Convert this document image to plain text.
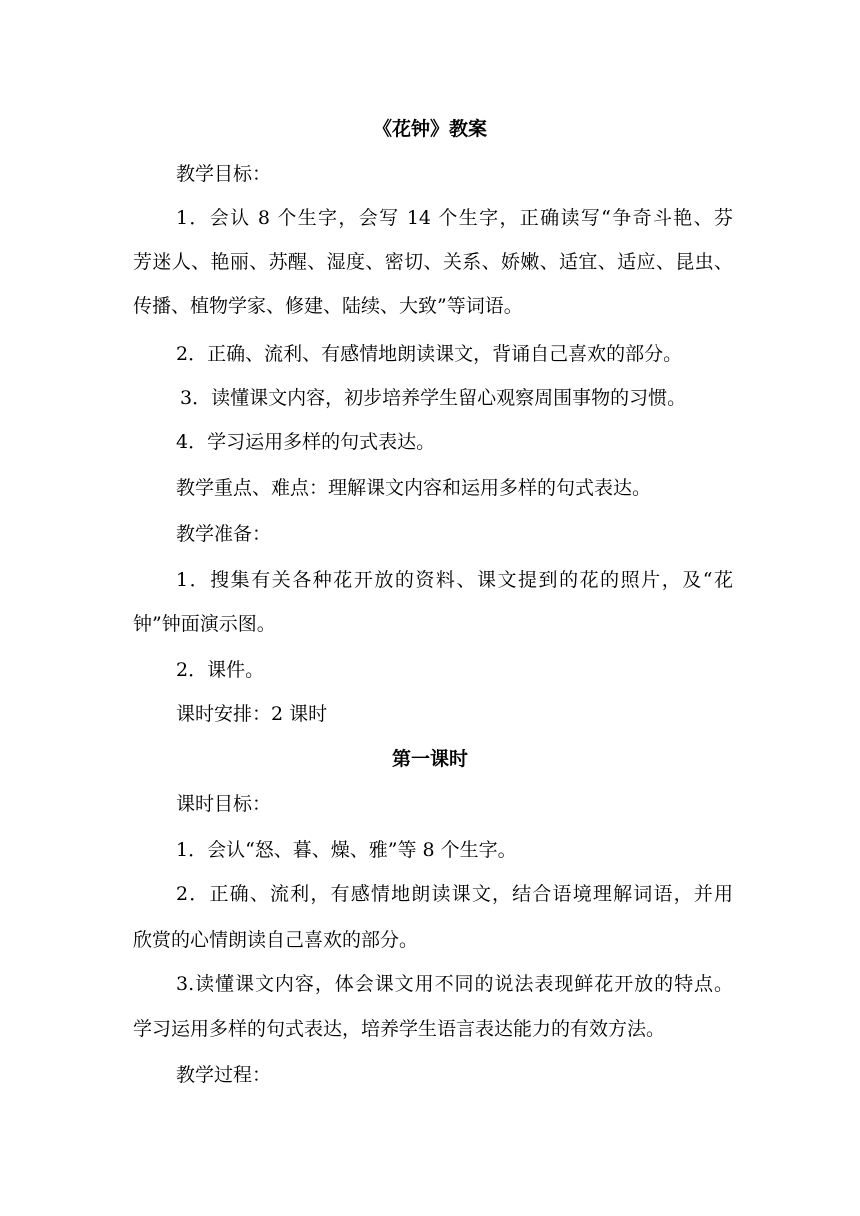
《花钟》教案
教学目标：
1．会认 8 个生字，会写 14 个生字，正确读写“争奇斗艳、芬
芳迷人、艳丽、苏醒、湿度、密切、关系、娇嫩、适宜、适应、昆虫、
传播、植物学家、修建、陆续、大致”等词语。
2．正确、流利、有感情地朗读课文，背诵自己喜欢的部分。
3．读懂课文内容，初步培养学生留心观察周围事物的习惯。
4．学习运用多样的句式表达。
教学重点、难点：理解课文内容和运用多样的句式表达。
教学准备：
1．搜集有关各种花开放的资料、课文提到的花的照片，及“花
钟”钟面演示图。
2．课件。
课时安排：2 课时
第一课时
课时目标：
1．会认“怒、暮、燥、雅”等 8 个生字。
2．正确、流利，有感情地朗读课文，结合语境理解词语，并用
欣赏的心情朗读自己喜欢的部分。
3.读懂课文内容，体会课文用不同的说法表现鲜花开放的特点。
学习运用多样的句式表达，培养学生语言表达能力的有效方法。
教学过程：
